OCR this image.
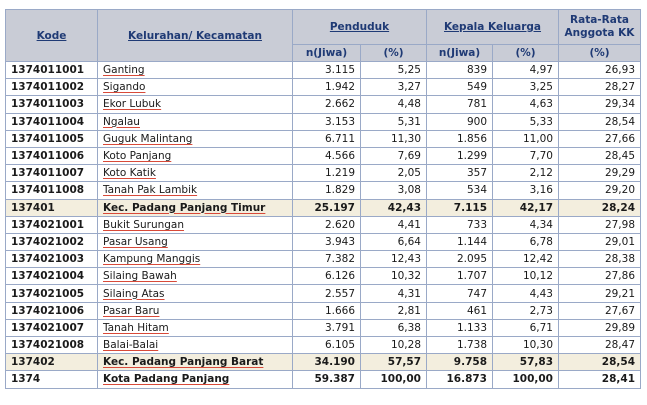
Kode	Kelurahan/ Kecamatan	Penduduk		Kepala Keluarga		Rata-Rata Anggota KK
		n(Jiwa)	(%)	n(Jiwa)	(%)	(%)
1374011001	Ganting	3.115	5,25	839	4,97	26,93
1374011002	Sigando	1.942	3,27	549	3,25	28,27
1374011003	Ekor Lubuk	2.662	4,48	781	4,63	29,34
1374011004	Ngalau	3.153	5,31	900	5,33	28,54
1374011005	Guguk Malintang	6.711	11,30	1.856	11,00	27,66
1374011006	Koto Panjang	4.566	7,69	1.299	7,70	28,45
1374011007	Koto Katik	1.219	2,05	357	2,12	29,29
1374011008	Tanah Pak Lambik	1.829	3,08	534	3,16	29,20
137401	Kec. Padang Panjang Timur	25.197	42,43	7.115	42,17	28,24
1374021001	Bukit Surungan	2.620	4,41	733	4,34	27,98
1374021002	Pasar Usang	3.943	6,64	1.144	6,78	29,01
1374021003	Kampung Manggis	7.382	12,43	2.095	12,42	28,38
1374021004	Silaing Bawah	6.126	10,32	1.707	10,12	27,86
1374021005	Silaing Atas	2.557	4,31	747	4,43	29,21
1374021006	Pasar Baru	1.666	2,81	461	2,73	27,67
1374021007	Tanah Hitam	3.791	6,38	1.133	6,71	29,89
1374021008	Balai-Balai	6.105	10,28	1.738	10,30	28,47
137402	Kec. Padang Panjang Barat	34.190	57,57	9.758	57,83	28,54
1374	Kota Padang Panjang	59.387	100,00	16.873	100,00	28,41
